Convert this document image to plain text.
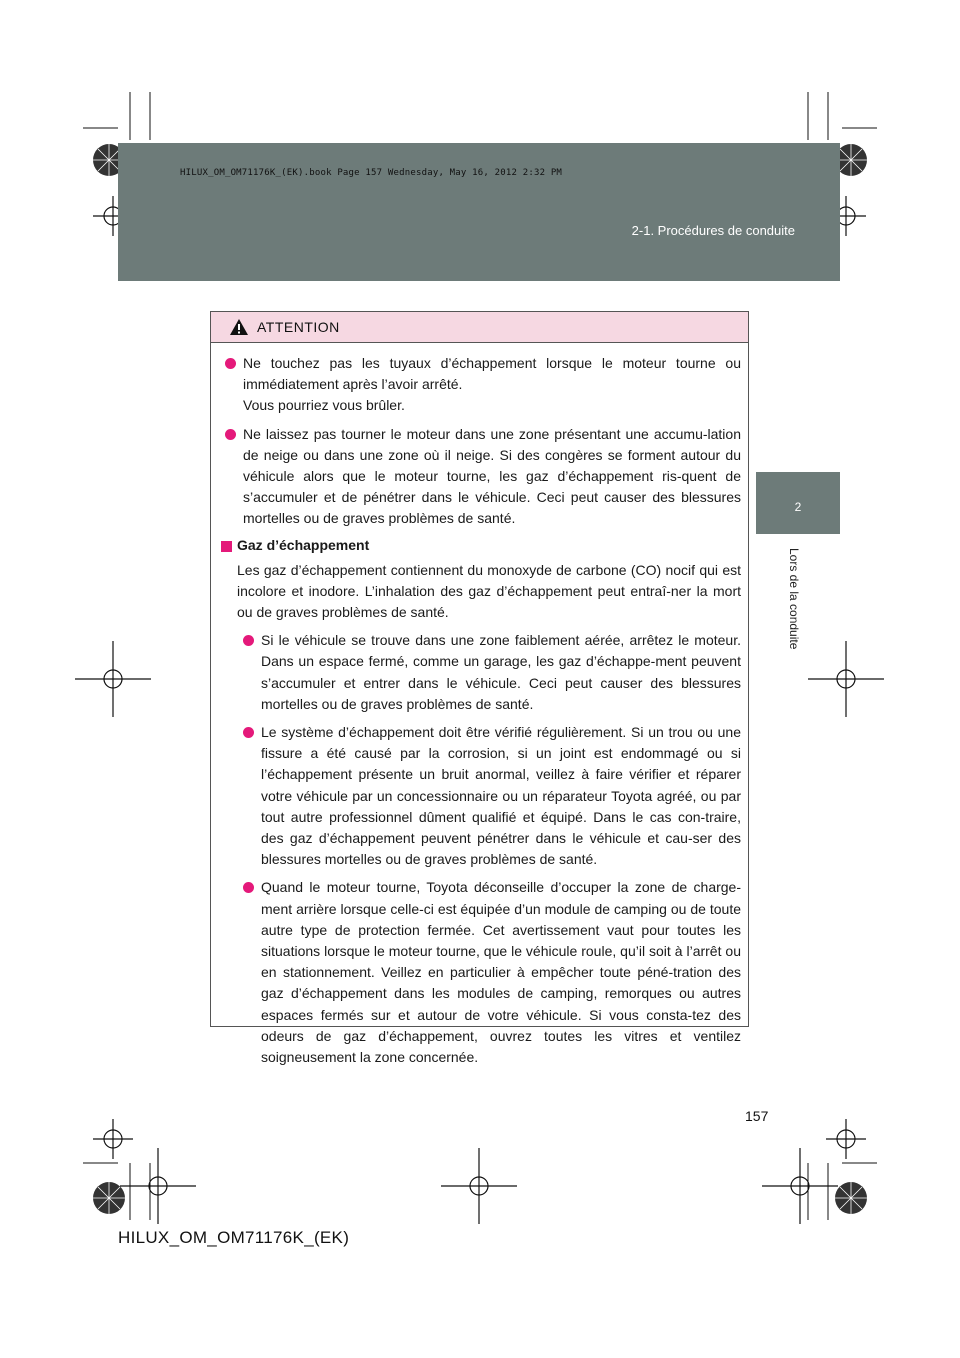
HILUX_OM_OM71176K_(EK).book Page 157 Wednesday, May 16, 2012 2:32 PM
2-1. Procédures de conduite
2
Lors de la conduite
ATTENTION

Ne touchez pas les tuyaux d’échappement lorsque le moteur tourne ou immédiatement après l’avoir arrêté.

Vous pourriez vous brûler.

Ne laissez pas tourner le moteur dans une zone présentant une accumu-lation de neige ou dans une zone où il neige. Si des congères se forment autour du véhicule alors que le moteur tourne, les gaz d’échappement ris-quent de s’accumuler et de pénétrer dans le véhicule. Ceci peut causer des blessures mortelles ou de graves problèmes de santé.

Gaz d’échappement

Les gaz d’échappement contiennent du monoxyde de carbone (CO) nocif qui est incolore et inodore. L’inhalation des gaz d’échappement peut entraî-ner la mort ou de graves problèmes de santé.

Si le véhicule se trouve dans une zone faiblement aérée, arrêtez le moteur. Dans un espace fermé, comme un garage, les gaz d’échappe-ment peuvent s’accumuler et entrer dans le véhicule. Ceci peut causer des blessures mortelles ou de graves problèmes de santé.

Le système d’échappement doit être vérifié régulièrement. Si un trou ou une fissure a été causé par la corrosion, si un joint est endommagé ou si l’échappement présente un bruit anormal, veillez à faire vérifier et réparer votre véhicule par un concessionnaire ou un réparateur Toyota agréé, ou par tout autre professionnel dûment qualifié et équipé. Dans le cas con-traire, des gaz d’échappement peuvent pénétrer dans le véhicule et cau-ser des blessures mortelles ou de graves problèmes de santé.

Quand le moteur tourne, Toyota déconseille d’occuper la zone de charge-ment arrière lorsque celle-ci est équipée d’un module de camping ou de toute autre type de protection fermée. Cet avertissement vaut pour toutes les situations lorsque le moteur tourne, que le véhicule roule, qu’il soit à l’arrêt ou en stationnement. Veillez en particulier à empêcher toute péné-tration des gaz d’échappement dans les modules de camping, remorques ou autres espaces fermés sur et autour de votre véhicule. Si vous consta-tez des odeurs de gaz d’échappement, ouvrez toutes les vitres et ventilez soigneusement la zone concernée.

157
HILUX_OM_OM71176K_(EK)
